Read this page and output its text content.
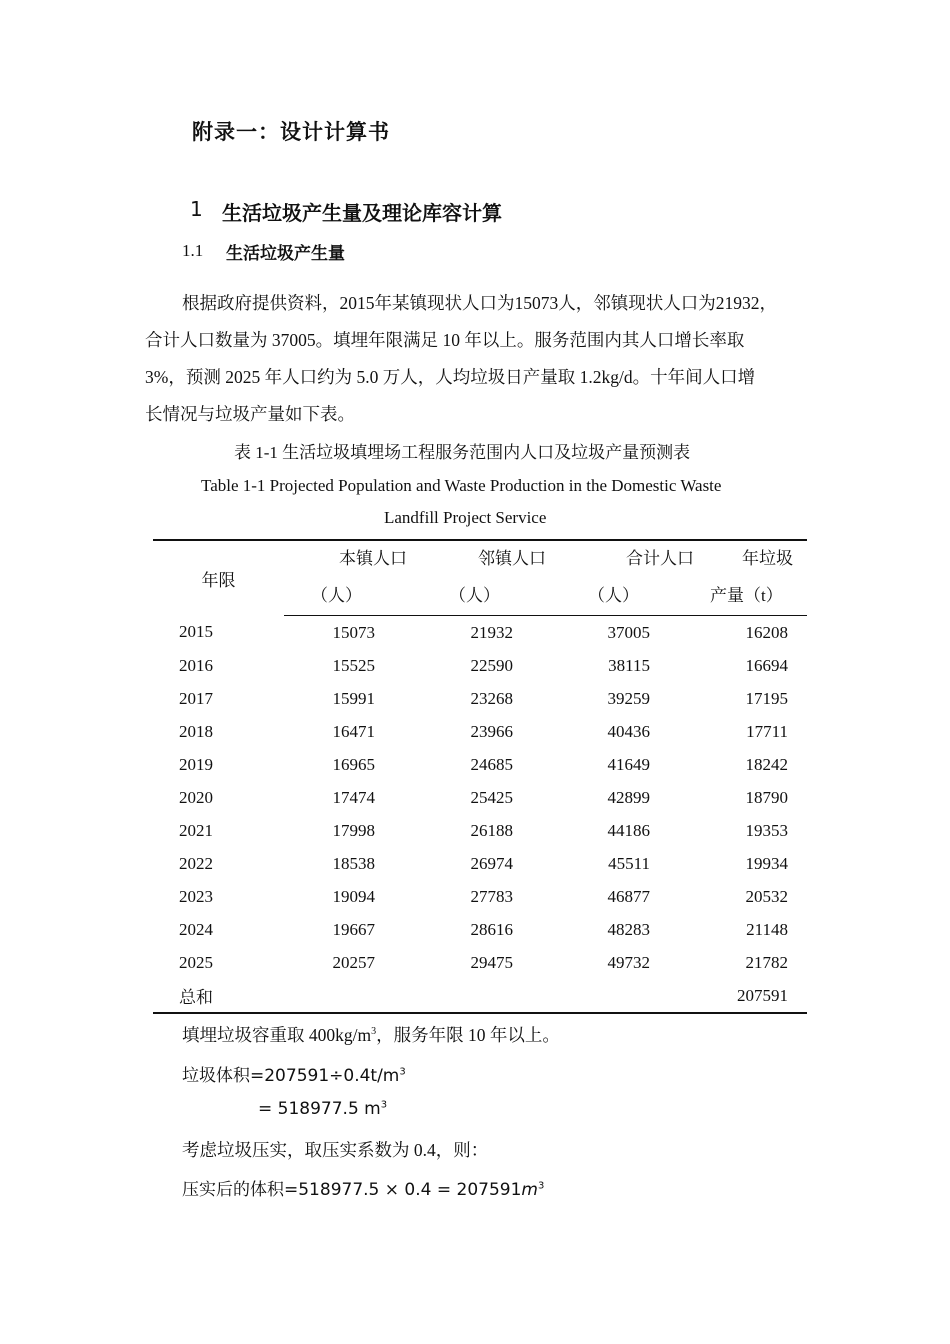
附录一：设计计算书
1 生活垃圾产生量及理论库容计算
1.1 生活垃圾产生量
根据政府提供资料，2015年某镇现状人口为15073人，邻镇现状人口为21932，
合计人口数量为 37005。填埋年限满足 10 年以上。服务范围内其人口增长率取
3%，预测 2025 年人口约为 5.0 万人，人均垃圾日产量取 1.2kg/d。十年间人口增
长情况与垃圾产量如下表。
表 1-1 生活垃圾填埋场工程服务范围内人口及垃圾产量预测表
Table 1-1 Projected Population and Waste Production in the Domestic Waste
Landfill Project Service
年限	本镇人口	邻镇人口	合计人口	年垃圾
	（人）	（人）	（人）	产量（t）
2015	15073	21932	37005	16208
2016	15525	22590	38115	16694
2017	15991	23268	39259	17195
2018	16471	23966	40436	17711
2019	16965	24685	41649	18242
2020	17474	25425	42899	18790
2021	17998	26188	44186	19353
2022	18538	26974	45511	19934
2023	19094	27783	46877	20532
2024	19667	28616	48283	21148
2025	20257	29475	49732	21782
总和				207591
填埋垃圾容重取 $400kg/m^3$，服务年限 10 年以上。
垃圾体积$=207591\div 0.4t/m^3$
= 518977.5 $m^3$
考虑垃圾压实，取压实系数为 0.4，则：
压实后的体积$=518977.5 \times 0.4 = 207591m^3$
